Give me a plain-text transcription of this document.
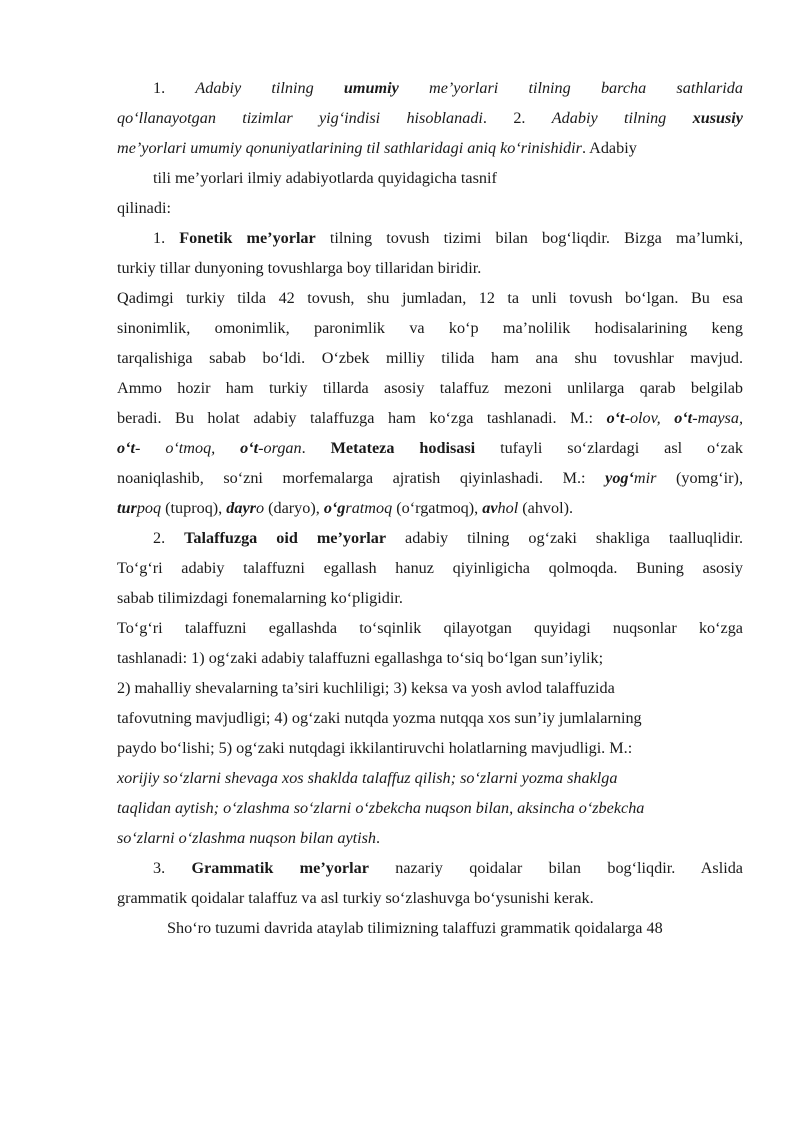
1. Adabiy tilning umumiy me’yorlari tilning barcha sathlarida
qo‘llanayotgan tizimlar yig‘indisi hisoblanadi. 2. Adabiy tilning xususiy
me’yorlari umumiy qonuniyatlarining til sathlaridagi aniq ko‘rinishidir. Adabiy
tili me’yorlari ilmiy adabiyotlarda quyidagicha tasnif
qilinadi:
1. Fonetik me’yorlar tilning tovush tizimi bilan bog‘liqdir. Bizga ma’lumki,
turkiy tillar dunyoning tovushlarga boy tillaridan biridir.
Qadimgi turkiy tilda 42 tovush, shu jumladan, 12 ta unli tovush bo‘lgan. Bu esa
sinonimlik, omonimlik, paronimlik va ko‘p ma’nolilik hodisalarining keng
tarqalishiga sabab bo‘ldi. O‘zbek milliy tilida ham ana shu tovushlar mavjud.
Ammo hozir ham turkiy tillarda asosiy talaffuz mezoni unlilarga qarab belgilab
beradi. Bu holat adabiy talaffuzga ham ko‘zga tashlanadi. M.: o‘t-olov, o‘t-maysa,
o‘t- o‘tmoq, o‘t-organ. Metateza hodisasi tufayli so‘zlardagi asl o‘zak
noaniqlashib, so‘zni morfemalarga ajratish qiyinlashadi. M.: yog‘mir (yomg‘ir),
turpoq (tuproq), dayro (daryo), o‘gratmoq (o‘rgatmoq), avhol (ahvol).
2. Talaffuzga oid me’yorlar adabiy tilning og‘zaki shakliga taalluqlidir.
To‘g‘ri adabiy talaffuzni egallash hanuz qiyinligicha qolmoqda. Buning asosiy
sabab tilimizdagi fonemalarning ko‘pligidir.
To‘g‘ri talaffuzni egallashda to‘sqinlik qilayotgan quyidagi nuqsonlar ko‘zga
tashlanadi: 1) og‘zaki adabiy talaffuzni egallashga to‘siq bo‘lgan sun’iylik;
2) mahalliy shevalarning ta’siri kuchliligi; 3) keksa va yosh avlod talaffuzida
tafovutning mavjudligi; 4) og‘zaki nutqda yozma nutqqa xos sun’iy jumlalarning
paydo bo‘lishi; 5) og‘zaki nutqdagi ikkilantiruvchi holatlarning mavjudligi. M.:
xorijiy so‘zlarni shevaga xos shaklda talaffuz qilish; so‘zlarni yozma shaklga
taqlidan aytish; o‘zlashma so‘zlarni o‘zbekcha nuqson bilan, aksincha o‘zbekcha
so‘zlarni o‘zlashma nuqson bilan aytish.
3. Grammatik me’yorlar nazariy qoidalar bilan bog‘liqdir. Aslida
grammatik qoidalar talaffuz va asl turkiy so‘zlashuvga bo‘ysunishi kerak.
Sho‘ro tuzumi davrida ataylab tilimizning talaffuzi grammatik qoidalarga 48
